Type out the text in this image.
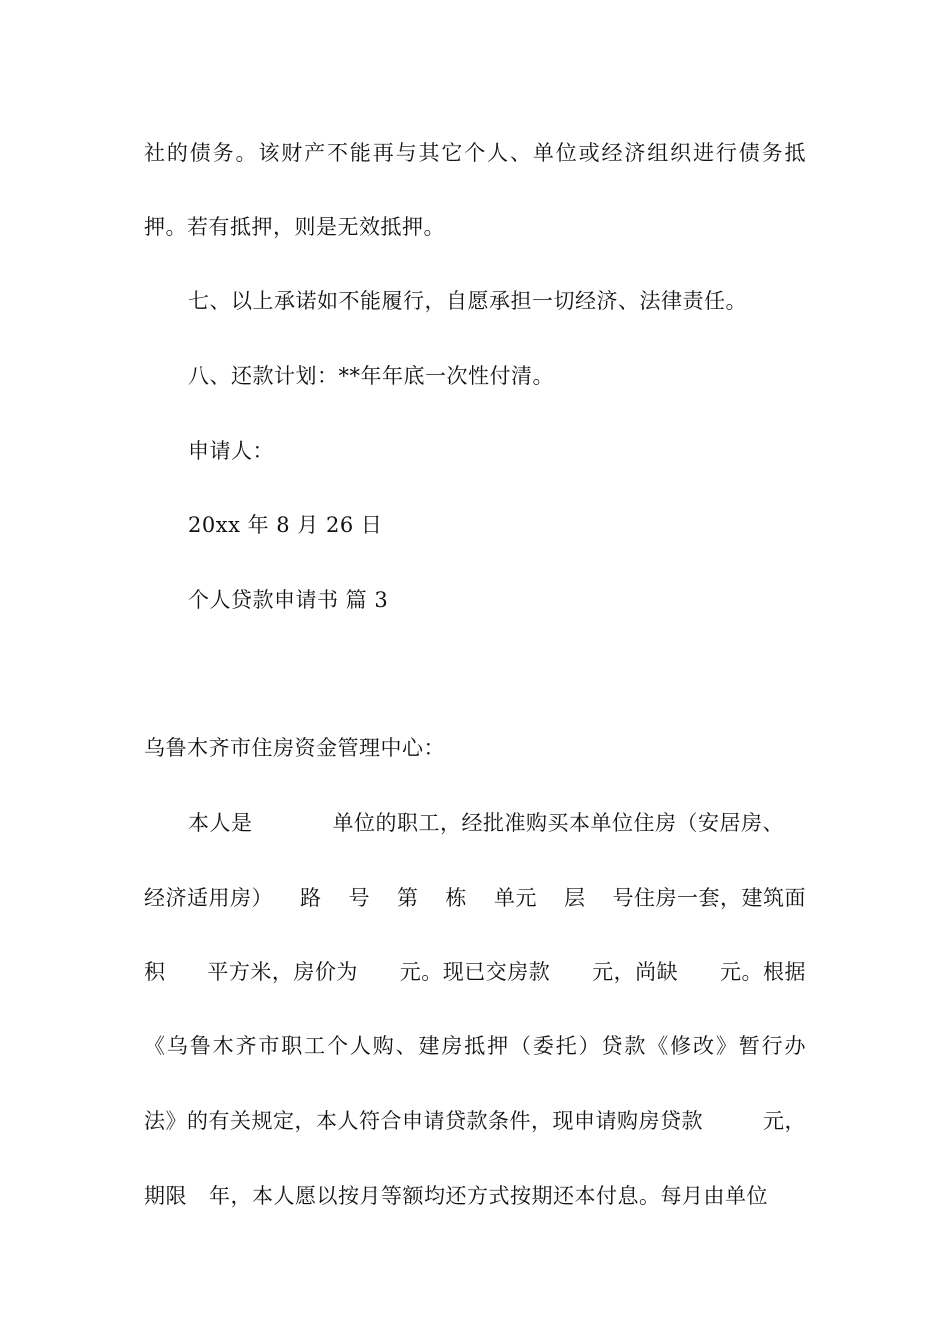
社的债务。该财产不能再与其它个人、单位或经济组织进行债务抵
押。若有抵押，则是无效抵押。
七、以上承诺如不能履行，自愿承担一切经济、法律责任。
八、还款计划：**年年底一次性付清。
申请人：
20xx 年 8 月 26 日
个人贷款申请书 篇 3
乌鲁木齐市住房资金管理中心：
本人是	单位的职工，经批准购买本单位住房（安居房、
经济适用房） 路 号 第 栋 单元 层 号住房一套，建筑面
积 平方米，房价为 元。现已交房款 元，尚缺 元。根据
《乌鲁木齐市职工个人购、建房抵押（委托）贷款《修改》暂行办
法》的有关规定，本人符合申请贷款条件，现申请购房贷款	元，
期限 年，本人愿以按月等额均还方式按期还本付息。每月由单位
